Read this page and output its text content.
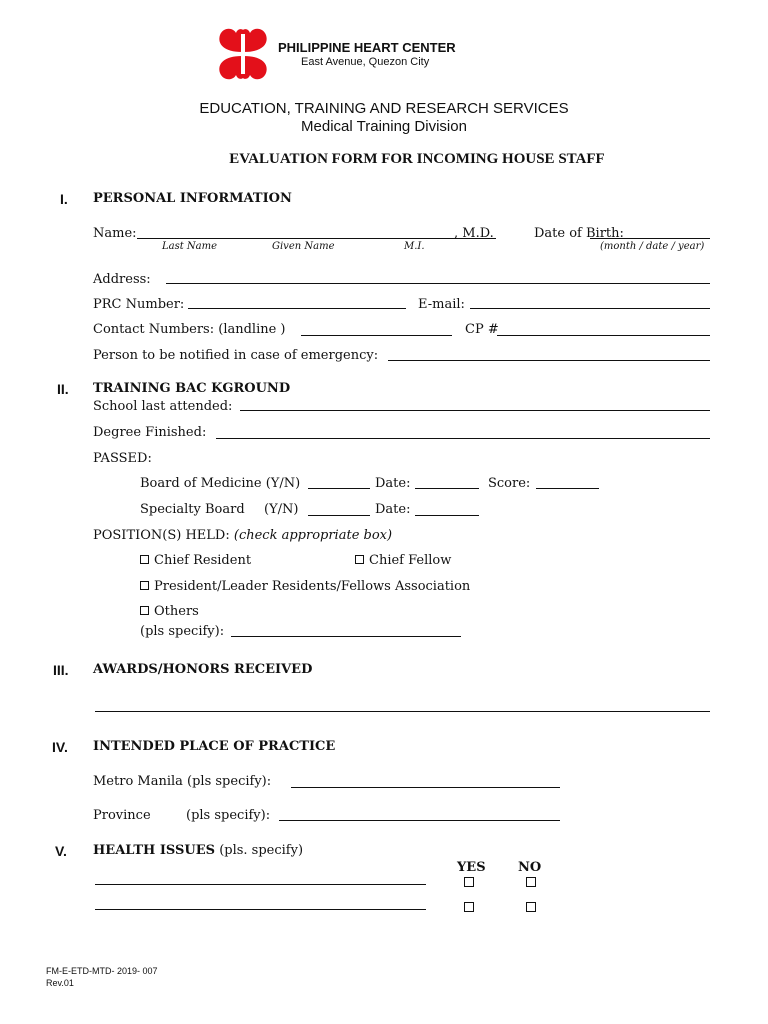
PHILIPPINE HEART CENTER
East Avenue, Quezon City
EDUCATION, TRAINING AND RESEARCH SERVICES
Medical Training Division
EVALUATION FORM FOR INCOMING HOUSE STAFF
I. PERSONAL INFORMATION
Name:	, M.D.	Date of Birth:
Last Name	Given Name	M.I.	(month / date / year)
Address:
PRC Number:	E-mail:
Contact Numbers: (landline )	CP #
Person to be notified in case of emergency:
II. TRAINING BAC KGROUND
School last attended:
Degree Finished:
PASSED:
Board of Medicine (Y/N)	Date:	Score:
Specialty Board (Y/N)	Date:
POSITION(S) HELD: (check appropriate box)
Chief Resident	Chief Fellow
President/Leader Residents/Fellows Association
Others
(pls specify):
III. AWARDS/HONORS RECEIVED
IV. INTENDED PLACE OF PRACTICE
Metro Manila (pls specify):
Province	(pls specify):
V. HEALTH ISSUES (pls. specify)
YES NO
FM-E-ETD-MTD- 2019- 007
Rev.01
